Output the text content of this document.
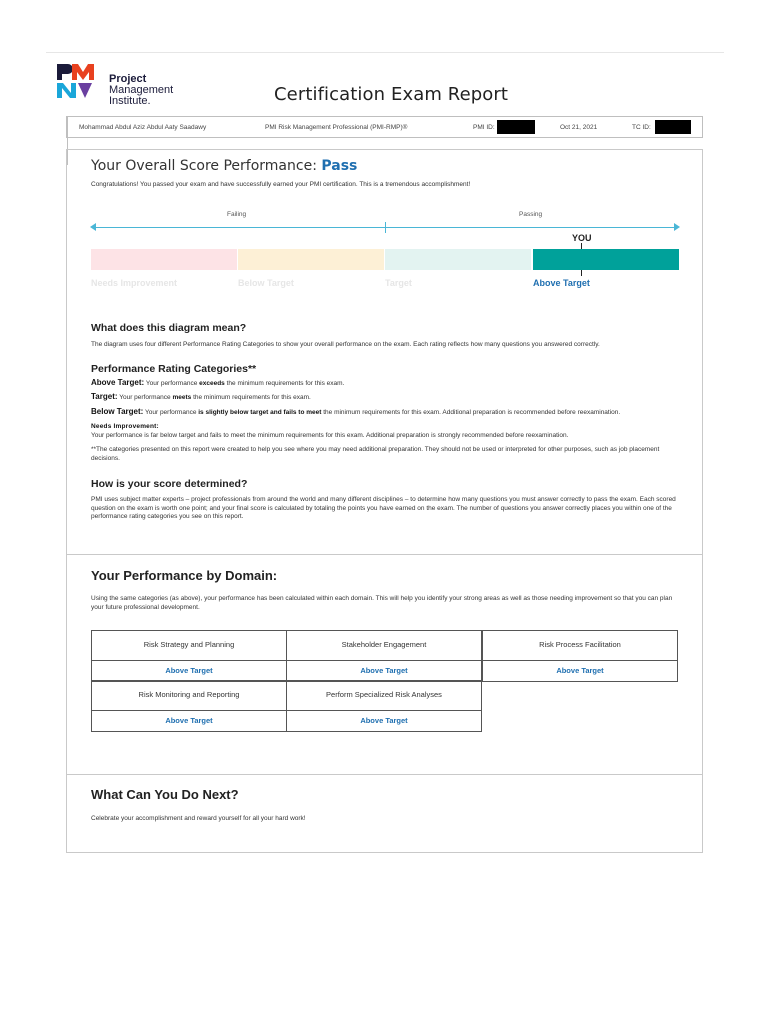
Project
Management
Institute.	Certification Exam Report
Mohammad Abdul Aziz Abdul Aaty Saadawy	PMI Risk Management Professional (PMI-RMP)®	PMI ID:	Oct 21, 2021	TC ID:
Your Overall Score Performance: Pass
Congratulations! You passed your exam and have successfully earned your PMI certification. This is a tremendous accomplishment!
Failing	Passing
YOU
Needs Improvement	Below Target	Target	Above Target
What does this diagram mean?
The diagram uses four different Performance Rating Categories to show your overall performance on the exam. Each rating reflects how many questions you answered correctly.
Performance Rating Categories**
Above Target: Your performance exceeds the minimum requirements for this exam.
Target: Your performance meets the minimum requirements for this exam.
Below Target: Your performance is slightly below target and fails to meet the minimum requirements for this exam. Additional preparation is recommended before reexamination.
Needs Improvement:
Your performance is far below target and fails to meet the minimum requirements for this exam. Additional preparation is strongly recommended before reexamination.
**The categories presented on this report were created to help you see where you may need additional preparation. They should not be used or interpreted for other purposes, such as job placement decisions.
How is your score determined?
PMI uses subject matter experts – project professionals from around the world and many different disciplines – to determine how many questions you must answer correctly to pass the exam. Each scored question on the exam is worth one point; and your final score is calculated by totaling the points you have earned on the exam. The number of questions you answer correctly places you within one of the performance rating categories you see on this report.
Your Performance by Domain:
Using the same categories (as above), your performance has been calculated within each domain. This will help you identify your strong areas as well as those needing improvement so that you can plan your future professional development.
Risk Strategy and Planning
Above Target
Stakeholder Engagement
Above Target
Risk Process Facilitation
Above Target
Risk Monitoring and Reporting
Above Target
Perform Specialized Risk Analyses
Above Target
What Can You Do Next?
Celebrate your accomplishment and reward yourself for all your hard work!
